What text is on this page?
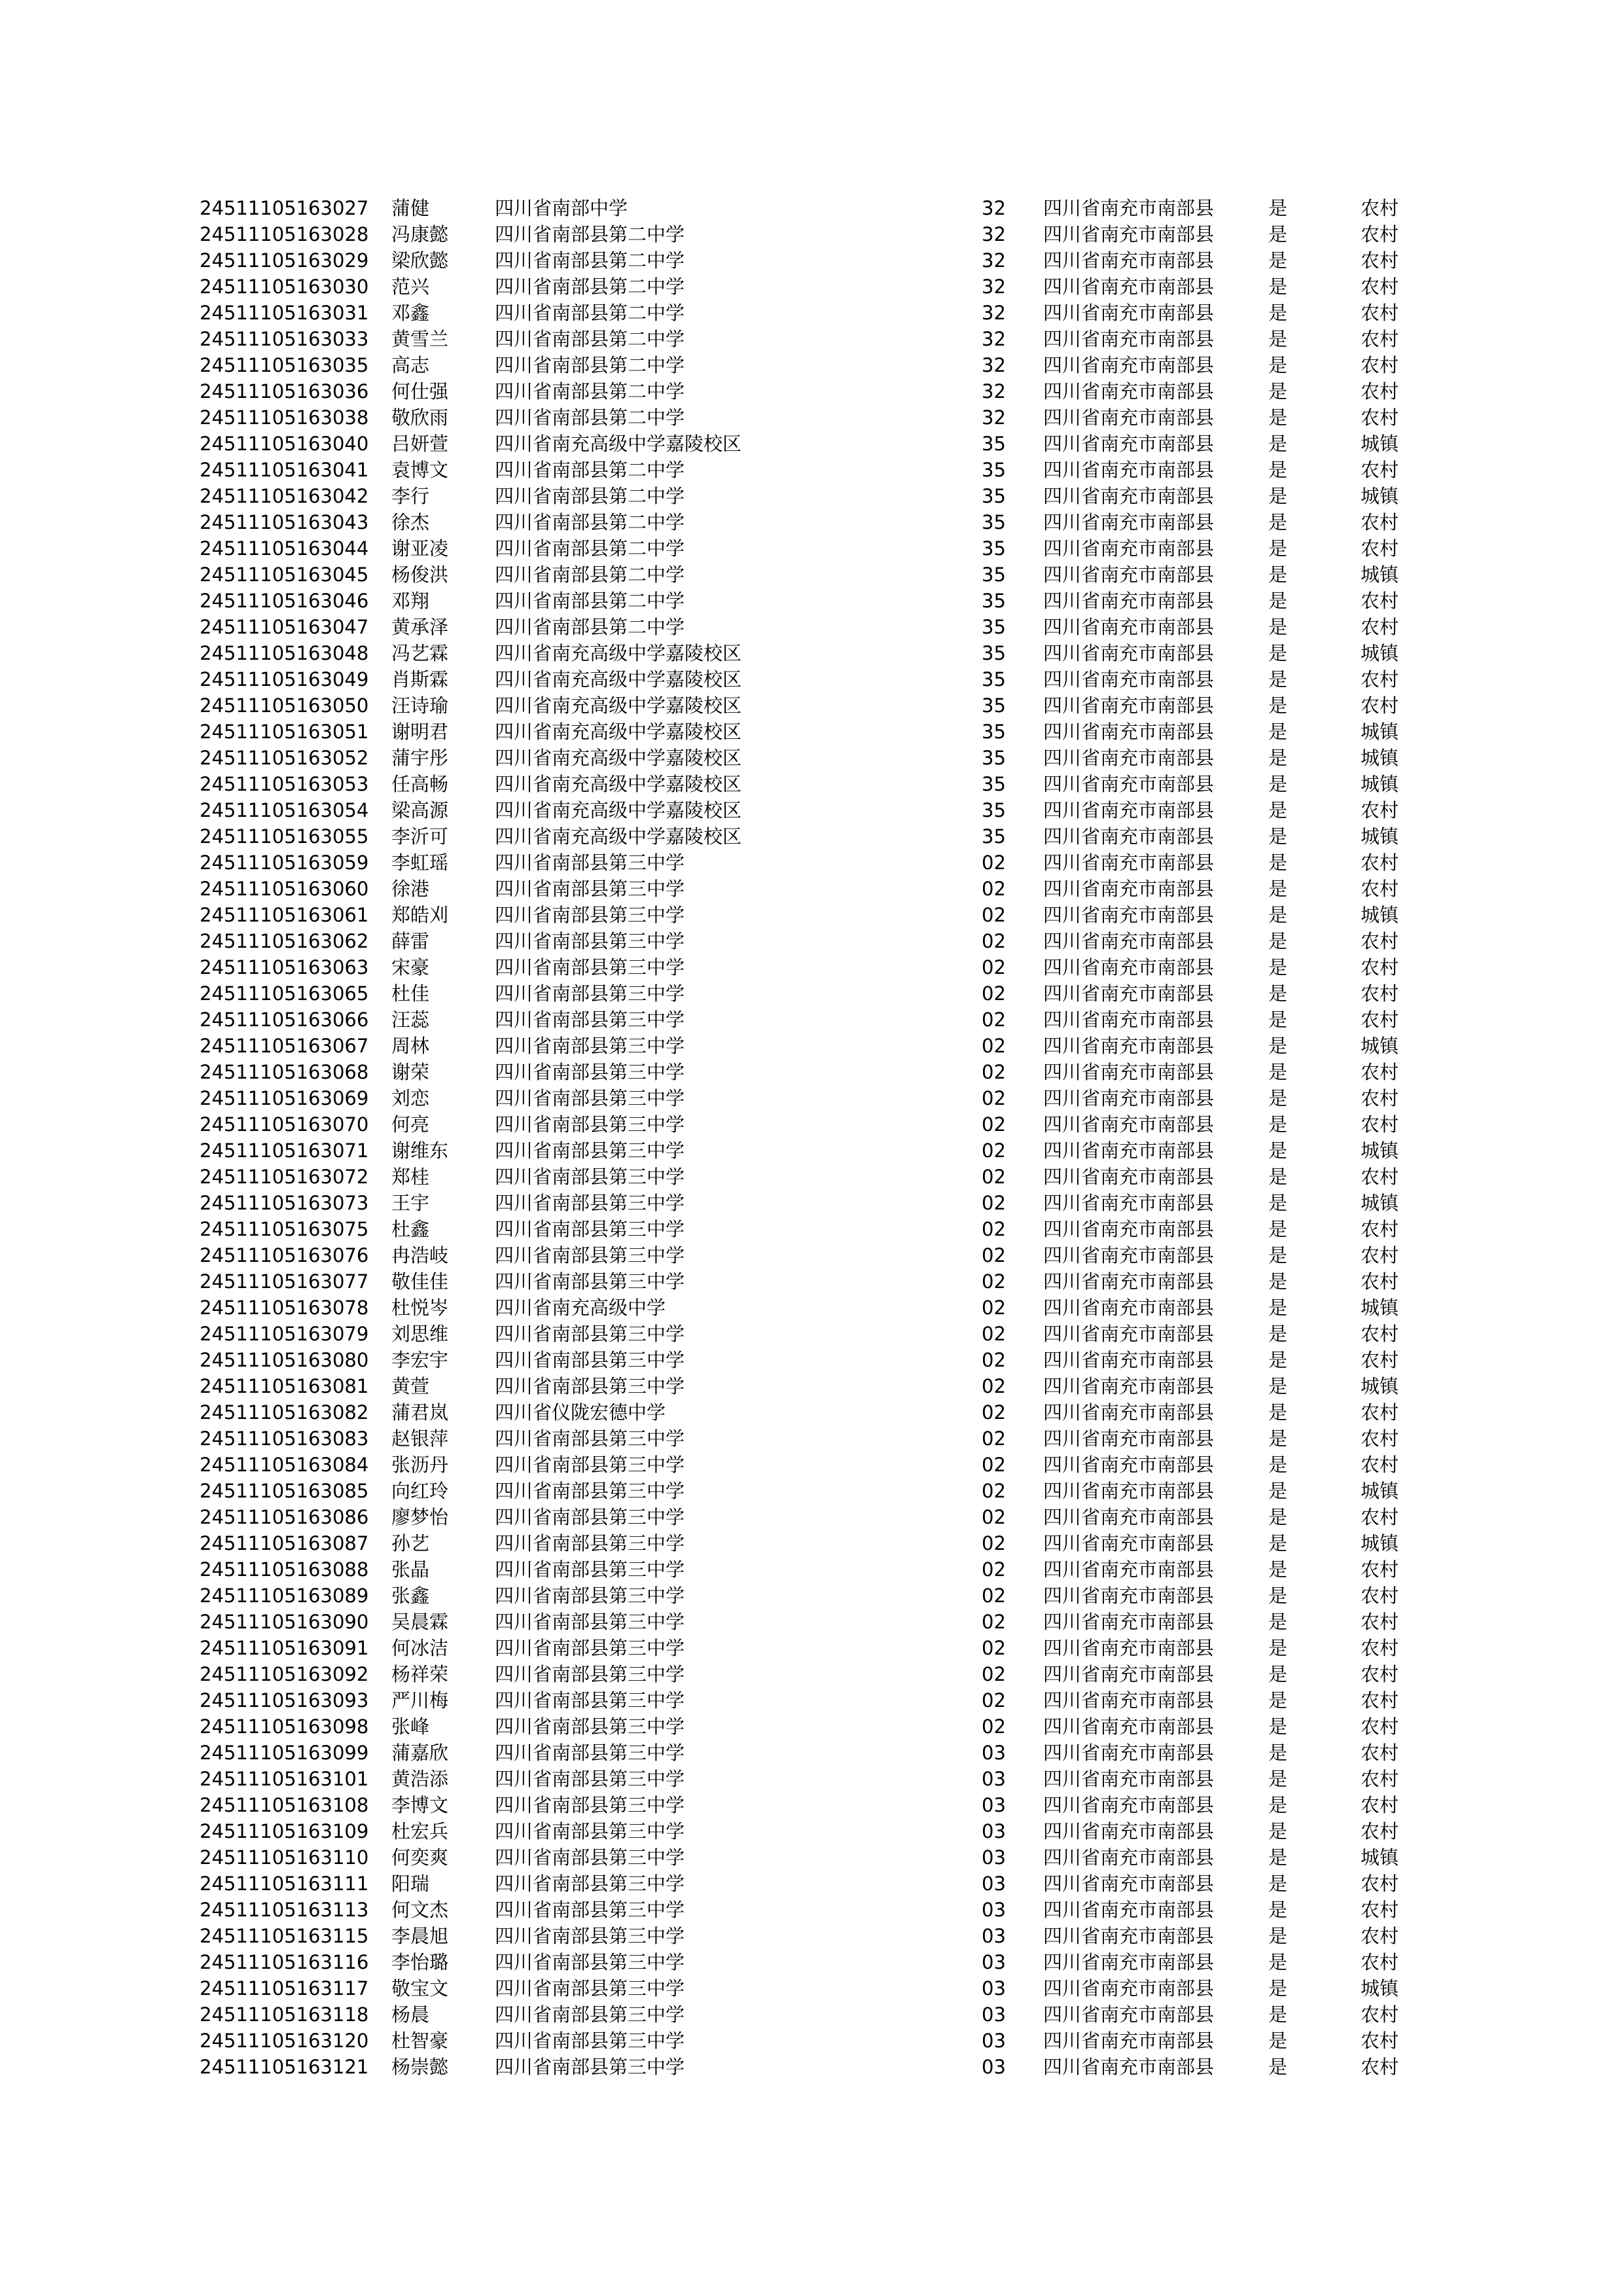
24511105163027 蒲健	四川省南部中学	32 四川省南充市南部县	是	农村
24511105163028 冯康懿 四川省南部县第二中学	32 四川省南充市南部县	是	农村
24511105163029 梁欣懿 四川省南部县第二中学	32 四川省南充市南部县	是	农村
24511105163030 范兴	四川省南部县第二中学	32 四川省南充市南部县	是	农村
24511105163031 邓鑫	四川省南部县第二中学	32 四川省南充市南部县	是	农村
24511105163033 黄雪兰 四川省南部县第二中学	32 四川省南充市南部县	是	农村
24511105163035 高志	四川省南部县第二中学	32 四川省南充市南部县	是	农村
24511105163036 何仕强 四川省南部县第二中学	32 四川省南充市南部县	是	农村
24511105163038 敬欣雨 四川省南部县第二中学	32 四川省南充市南部县	是	农村
24511105163040 吕妍萱 四川省南充高级中学嘉陵校区	35 四川省南充市南部县	是	城镇
24511105163041 袁博文 四川省南部县第二中学	35 四川省南充市南部县	是	农村
24511105163042 李行	四川省南部县第二中学	35 四川省南充市南部县	是	城镇
24511105163043 徐杰	四川省南部县第二中学	35 四川省南充市南部县	是	农村
24511105163044 谢亚凌 四川省南部县第二中学	35 四川省南充市南部县	是	农村
24511105163045 杨俊洪 四川省南部县第二中学	35 四川省南充市南部县	是	城镇
24511105163046 邓翔	四川省南部县第二中学	35 四川省南充市南部县	是	农村
24511105163047 黄承泽 四川省南部县第二中学	35 四川省南充市南部县	是	农村
24511105163048 冯艺霖 四川省南充高级中学嘉陵校区	35 四川省南充市南部县	是	城镇
24511105163049 肖斯霖 四川省南充高级中学嘉陵校区	35 四川省南充市南部县	是	农村
24511105163050 汪诗瑜 四川省南充高级中学嘉陵校区	35 四川省南充市南部县	是	农村
24511105163051 谢明君 四川省南充高级中学嘉陵校区	35 四川省南充市南部县	是	城镇
24511105163052 蒲宇彤 四川省南充高级中学嘉陵校区	35 四川省南充市南部县	是	城镇
24511105163053 任高畅 四川省南充高级中学嘉陵校区	35 四川省南充市南部县	是	城镇
24511105163054 梁高源 四川省南充高级中学嘉陵校区	35 四川省南充市南部县	是	农村
24511105163055 李沂可 四川省南充高级中学嘉陵校区	35 四川省南充市南部县	是	城镇
24511105163059 李虹瑶 四川省南部县第三中学	02 四川省南充市南部县	是	农村
24511105163060 徐港	四川省南部县第三中学	02 四川省南充市南部县	是	农村
24511105163061 郑皓刈 四川省南部县第三中学	02 四川省南充市南部县	是	城镇
24511105163062 薛雷	四川省南部县第三中学	02 四川省南充市南部县	是	农村
24511105163063 宋豪	四川省南部县第三中学	02 四川省南充市南部县	是	农村
24511105163065 杜佳	四川省南部县第三中学	02 四川省南充市南部县	是	农村
24511105163066 汪蕊	四川省南部县第三中学	02 四川省南充市南部县	是	农村
24511105163067 周林	四川省南部县第三中学	02 四川省南充市南部县	是	城镇
24511105163068 谢荣	四川省南部县第三中学	02 四川省南充市南部县	是	农村
24511105163069 刘恋	四川省南部县第三中学	02 四川省南充市南部县	是	农村
24511105163070 何亮	四川省南部县第三中学	02 四川省南充市南部县	是	农村
24511105163071 谢维东 四川省南部县第三中学	02 四川省南充市南部县	是	城镇
24511105163072 郑桂	四川省南部县第三中学	02 四川省南充市南部县	是	农村
24511105163073 王宇	四川省南部县第三中学	02 四川省南充市南部县	是	城镇
24511105163075 杜鑫	四川省南部县第三中学	02 四川省南充市南部县	是	农村
24511105163076 冉浩岐 四川省南部县第三中学	02 四川省南充市南部县	是	农村
24511105163077 敬佳佳 四川省南部县第三中学	02 四川省南充市南部县	是	农村
24511105163078 杜悦岑 四川省南充高级中学	02 四川省南充市南部县	是	城镇
24511105163079 刘思维 四川省南部县第三中学	02 四川省南充市南部县	是	农村
24511105163080 李宏宇 四川省南部县第三中学	02 四川省南充市南部县	是	农村
24511105163081 黄萱	四川省南部县第三中学	02 四川省南充市南部县	是	城镇
24511105163082 蒲君岚 四川省仪陇宏德中学	02 四川省南充市南部县	是	农村
24511105163083 赵银萍 四川省南部县第三中学	02 四川省南充市南部县	是	农村
24511105163084 张沥丹 四川省南部县第三中学	02 四川省南充市南部县	是	农村
24511105163085 向红玲 四川省南部县第三中学	02 四川省南充市南部县	是	城镇
24511105163086 廖梦怡 四川省南部县第三中学	02 四川省南充市南部县	是	农村
24511105163087 孙艺	四川省南部县第三中学	02 四川省南充市南部县	是	城镇
24511105163088 张晶	四川省南部县第三中学	02 四川省南充市南部县	是	农村
24511105163089 张鑫	四川省南部县第三中学	02 四川省南充市南部县	是	农村
24511105163090 吴晨霖 四川省南部县第三中学	02 四川省南充市南部县	是	农村
24511105163091 何冰洁 四川省南部县第三中学	02 四川省南充市南部县	是	农村
24511105163092 杨祥荣 四川省南部县第三中学	02 四川省南充市南部县	是	农村
24511105163093 严川梅 四川省南部县第三中学	02 四川省南充市南部县	是	农村
24511105163098 张峰	四川省南部县第三中学	02 四川省南充市南部县	是	农村
24511105163099 蒲嘉欣 四川省南部县第三中学	03 四川省南充市南部县	是	农村
24511105163101 黄浩添 四川省南部县第三中学	03 四川省南充市南部县	是	农村
24511105163108 李博文 四川省南部县第三中学	03 四川省南充市南部县	是	农村
24511105163109 杜宏兵 四川省南部县第三中学	03 四川省南充市南部县	是	农村
24511105163110 何奕爽 四川省南部县第三中学	03 四川省南充市南部县	是	城镇
24511105163111 阳瑞	四川省南部县第三中学	03 四川省南充市南部县	是	农村
24511105163113 何文杰 四川省南部县第三中学	03 四川省南充市南部县	是	农村
24511105163115 李晨旭 四川省南部县第三中学	03 四川省南充市南部县	是	农村
24511105163116 李怡璐 四川省南部县第三中学	03 四川省南充市南部县	是	农村
24511105163117 敬宝文 四川省南部县第三中学	03 四川省南充市南部县	是	城镇
24511105163118 杨晨	四川省南部县第三中学	03 四川省南充市南部县	是	农村
24511105163120 杜智豪 四川省南部县第三中学	03 四川省南充市南部县	是	农村
24511105163121 杨崇懿 四川省南部县第三中学	03 四川省南充市南部县	是	农村
